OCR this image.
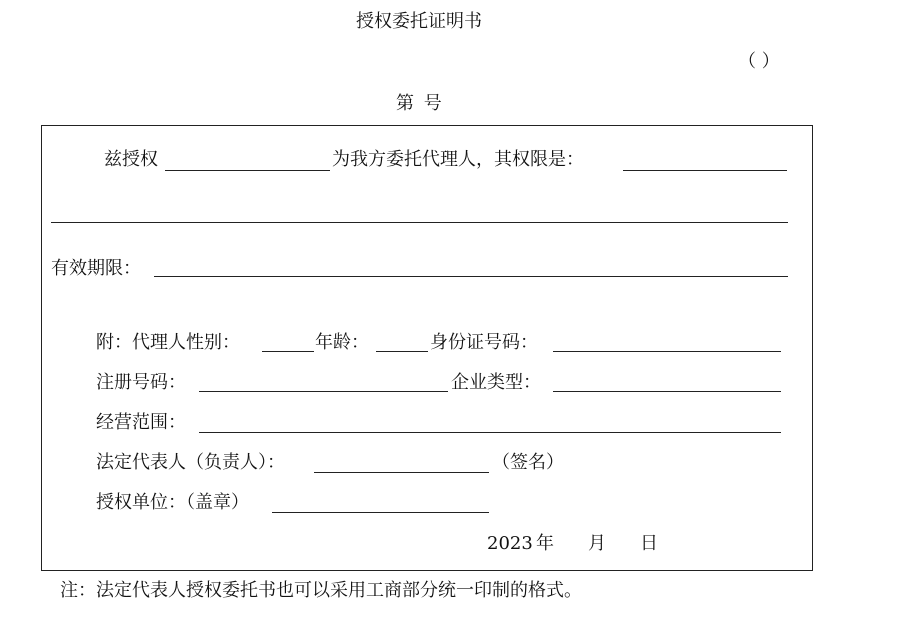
授权委托证明书
（ ）
第 号
兹授权	为我方委托代理人，其权限是：
有效期限：
附：代理人性别：	年龄：	身份证号码：
注册号码：	企业类型：
经营范围：
法定代表人（负责人）：	（签名）
授权单位：（盖章）
2023 年 月 日
注：法定代表人授权委托书也可以采用工商部分统一印制的格式。
